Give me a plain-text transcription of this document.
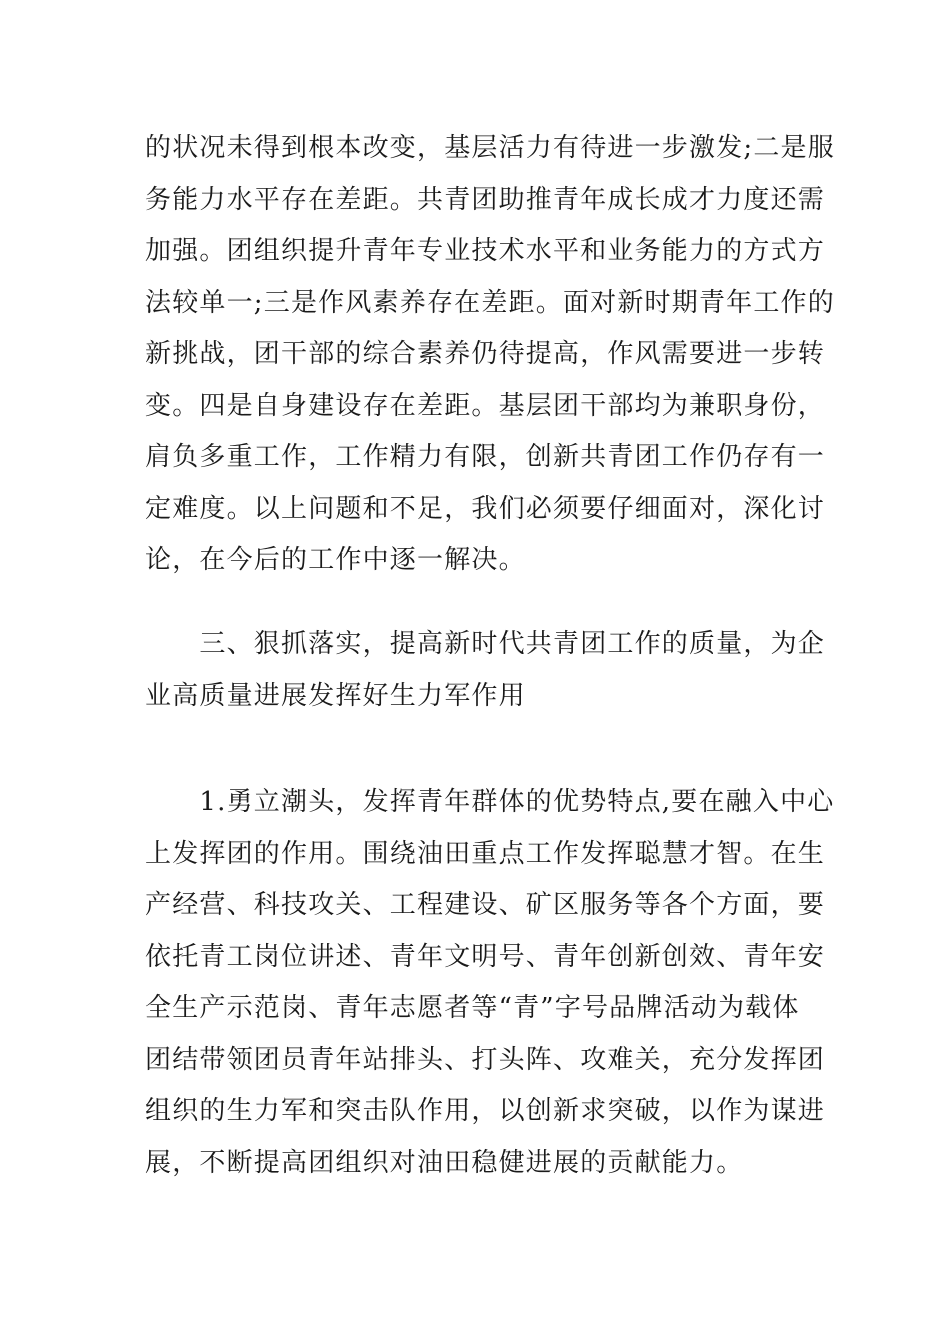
的状况未得到根本改变，基层活力有待进一步激发;二是服
务能力水平存在差距。共青团助推青年成长成才力度还需
加强。团组织提升青年专业技术水平和业务能力的方式方
法较单一;三是作风素养存在差距。面对新时期青年工作的
新挑战，团干部的综合素养仍待提高，作风需要进一步转
变。四是自身建设存在差距。基层团干部均为兼职身份，
肩负多重工作，工作精力有限，创新共青团工作仍存有一
定难度。以上问题和不足，我们必须要仔细面对，深化讨
论，在今后的工作中逐一解决。
　　三、狠抓落实，提高新时代共青团工作的质量，为企
业高质量进展发挥好生力军作用
　　1.勇立潮头，发挥青年群体的优势特点,要在融入中心
上发挥团的作用。围绕油田重点工作发挥聪慧才智。在生
产经营、科技攻关、工程建设、矿区服务等各个方面，要
依托青工岗位讲述、青年文明号、青年创新创效、青年安
全生产示范岗、青年志愿者等“青”字号品牌活动为载体
团结带领团员青年站排头、打头阵、攻难关，充分发挥团
组织的生力军和突击队作用，以创新求突破，以作为谋进
展，不断提高团组织对油田稳健进展的贡献能力。
